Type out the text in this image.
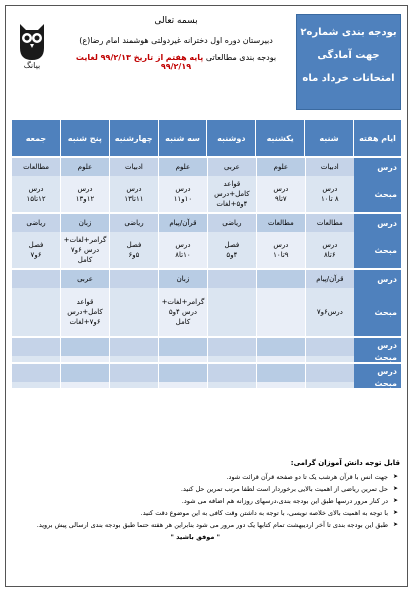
بودجه بندی شماره۲
جهت آمادگی
امتحانات خرداد ماه
بسمه تعالی
دبیرستان دوره اول دخترانه غیردولتی هوشمند امام رضا(ع)
بودجه بندی مطالعاتی پایه هفتم از تاریخ ۹۹/۲/۱۳ لغایت ۹۹/۲/۱۹
بیانگ
ایام هفته
شنبه
یکشنبه
دوشنبه
سه شنبه
چهارشنبه
پنج شنبه
جمعه
درس
مبحث
ادبیات
درس
۸ تا۱۰
علوم
درس
۷تا۹
عربی
قواعد
کامل+درس
۴و۵+لغات
علوم
درس
۱۰و۱۱
ادبیات
درس
۱۱تا۱۳
علوم
درس
۱۲و۱۳
مطالعات
درس
۱۲تا۱۵
درس
مبحث
مطالعات
درس
۶تا۸
مطالعات
درس
۹تا۱۰
ریاضی
فصل
۴و۵
قرآن/پیام
درس
۱۰تا۸
ریاضی
فصل
۵و۶
زبان
گرامر+لغات+
درس ۶و۷
کامل
ریاضی
فصل
۶و۷
درس
مبحث
قرآن/پیام
درس۶و۷
زبان
گرامر+لغات+
درس ۴و۵
کامل
عربی
قواعد
کامل+درس
۶و۷+لغات
درس
مبحث
درس
مبحث
قابل توجه دانش آموزان گرامی:
➤ جهت انس با قرآن هرشب یک تا دو صفحه قرآن قرائت شود.
➤ حل تمرین ریاضی از اهمیت بالایی برخوردار است لطفا مرتب تمرین حل کنید.
➤ در کنار مرور درسها طبق این بودجه بندی،درسهای روزانه هم اضافه می شود.
➤ با توجه به اهمیت بالای خلاصه نویسی، با توجه به داشتن وقت کافی به این موضوع دقت کنید.
➤ طبق این بودجه بندی تا آخر اردیبهشت تمام کتابها یک دور مرور می شود بنابراین هر هفته حتما طبق بودجه بندی ارسالی پیش بروید.
" موفق باشید "
